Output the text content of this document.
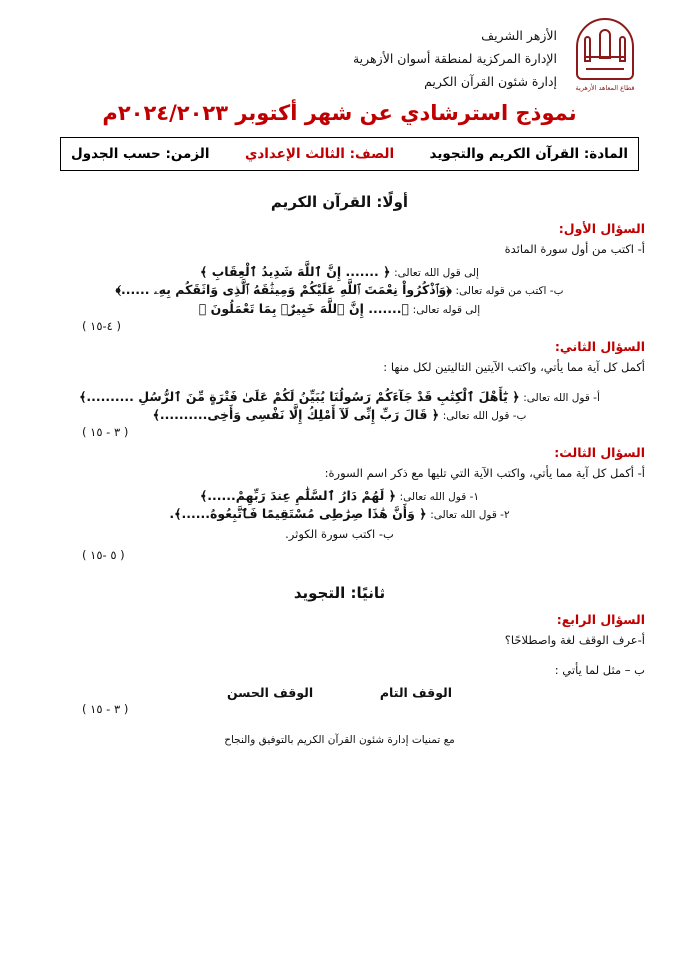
الأزهر الشريف
الإدارة المركزية لمنطقة أسوان الأزهرية
إدارة شئون القرآن الكريم	قطاع المعاهد الأزهرية
نموذج استرشادي عن شهر أكتوبر ٢٠٢٤/٢٠٢٣م
المادة: القرآن الكريم والتجويد
الصف: الثالث الإعدادي
الزمن: حسب الجدول
أولًا: القرآن الكريم
السؤال الأول:
أ- اكتب من أول سورة المائدة
إلى قول الله تعالى: ﴿ ....... إِنَّ ٱللَّهَ شَدِيدُ ٱلْعِقَابِ ﴾
ب- اكتب من قوله تعالى: ﴿وَٱذْكُرُواْ نِعْمَتَ ٱللَّهِ عَلَيْكُمْ وَمِيثَٰقَهُ ٱلَّذِى وَاثَقَكُم بِهِۦ ......﴾
إلى قوله تعالى: ﴿....... إِنَّ ٱللَّهَ خَبِيرٌۢ بِمَا تَعْمَلُونَ ﴾
( ٤-١٥ )
السؤال الثاني:
أكمل كل آية مما يأتي، واكتب الآيتين التاليتين لكل منها :
أ- قول الله تعالى: ﴿ يَٰٓأَهْلَ ٱلْكِتَٰبِ قَدْ جَآءَكُمْ رَسُولُنَا يُبَيِّنُ لَكُمْ عَلَىٰ فَتْرَةٍ مِّنَ ٱلرُّسُلِ ..........﴾
ب- قول الله تعالى: ﴿ قَالَ رَبِّ إِنِّى لَآ أَمْلِكُ إِلَّا نَفْسِى وَأَخِى..........﴾
( ٣ - ١٥ )
السؤال الثالث:
أ- أكمل كل آية مما يأتي، واكتب الآية التي تليها مع ذكر اسم السورة:
١- قول الله تعالى: ﴿ لَهُمْ دَارُ ٱلسَّلَٰمِ عِندَ رَبِّهِمْ......﴾
٢- قول الله تعالى: ﴿ وَأَنَّ هَٰذَا صِرَٰطِى مُسْتَقِيمًا فَٱتَّبِعُوهُ......﴾.
ب- اكتب سورة الكوثر.
( ٥ -١٥ )
ثانيًا: التجويد
السؤال الرابع:
أ-عرف الوقف لغة واصطلاحًا؟
ب – مثل لما يأتي :
الوقف التام  الوقف الحسن
( ٣ - ١٥ )
مع تمنيات إدارة شئون القرآن الكريم بالتوفيق والنجاح
